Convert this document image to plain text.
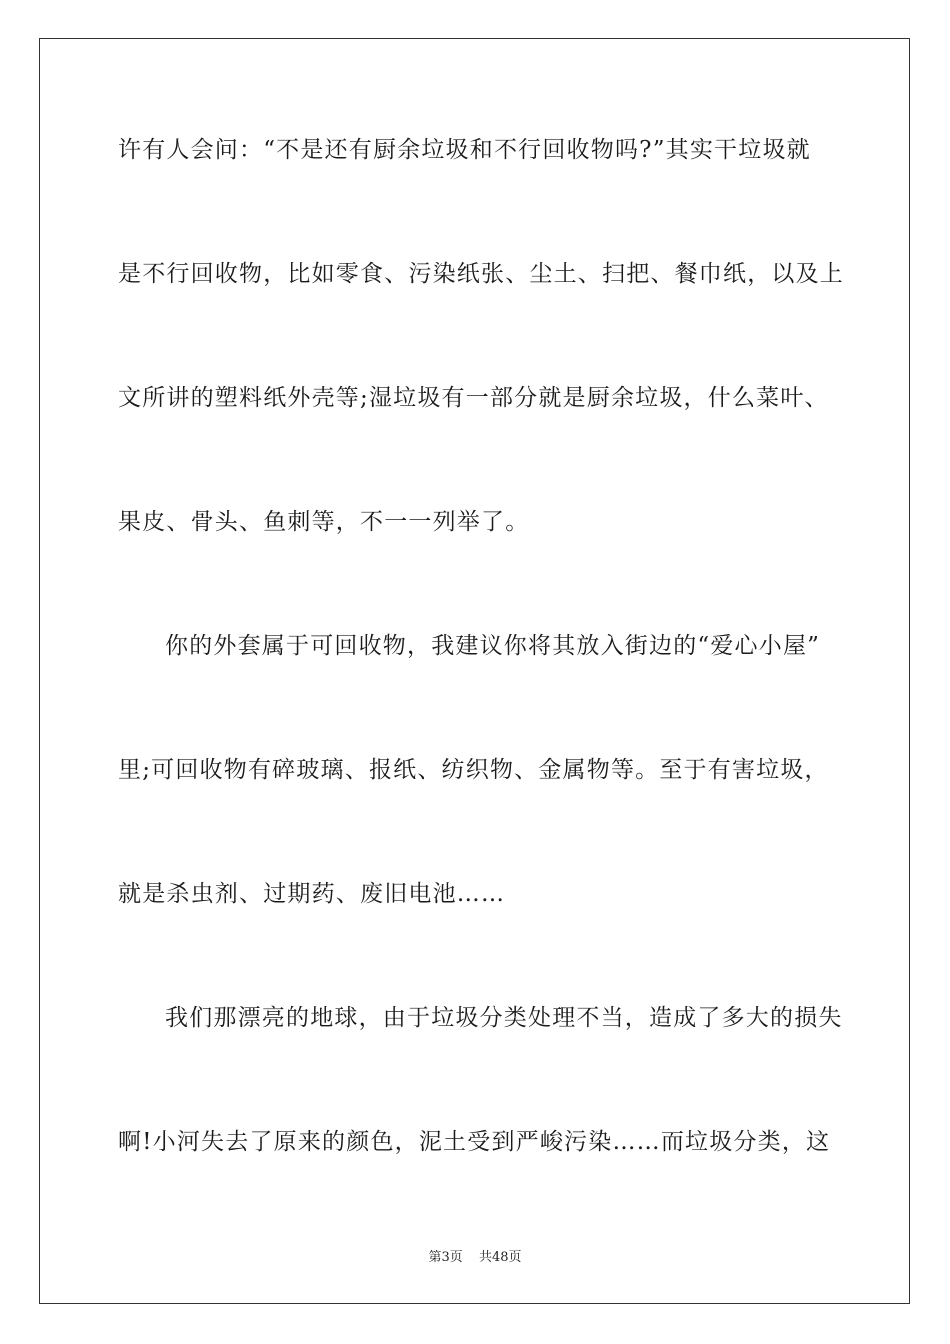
许有人会问：“不是还有厨余垃圾和不行回收物吗?”其实干垃圾就
是不行回收物，比如零食、污染纸张、尘土、扫把、餐巾纸，以及上
文所讲的塑料纸外壳等;湿垃圾有一部分就是厨余垃圾，什么菜叶、
果皮、骨头、鱼刺等，不一一列举了。
你的外套属于可回收物，我建议你将其放入街边的“爱心小屋”
里;可回收物有碎玻璃、报纸、纺织物、金属物等。至于有害垃圾，
就是杀虫剂、过期药、废旧电池……
我们那漂亮的地球，由于垃圾分类处理不当，造成了多大的损失
啊!小河失去了原来的颜色，泥土受到严峻污染……而垃圾分类，这
第3页 共48页
